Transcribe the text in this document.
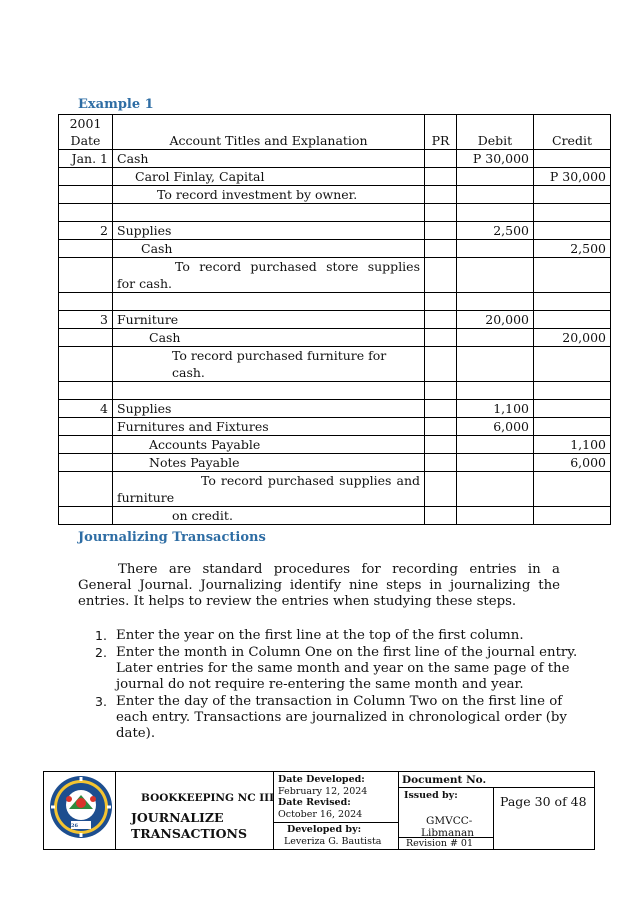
Example 1
2001
Date	Account Titles and Explanation	PR	Debit	Credit
Jan. 1	Cash		P 30,000	
	Carol Finlay, Capital			P 30,000
	To record investment by owner.			

2	Supplies		2,500	
	Cash			2,500
	To record purchased store supplies for cash.			

3	Furniture		20,000	
	Cash			20,000
	To record purchased furniture for cash.			

4	Supplies		1,100	
	Furnitures and Fixtures		6,000	
	Accounts Payable			1,100
	Notes Payable			6,000
	To record purchased supplies and furniture			
	on credit.			
Journalizing Transactions
There are standard procedures for recording entries in a General Journal. Journalizing identify nine steps in journalizing the entries. It helps to review the entries when studying these steps.
1. Enter the year on the first line at the top of the first column.
2. Enter the month in Column One on the first line of the journal entry. Later entries for the same month and year on the same page of the journal do not require re-entering the same month and year.
3. Enter the day of the transaction in Column Two on the first line of each entry. Transactions are journalized in chronological order (by date).
26
BOOKKEEPING NC III
JOURNALIZE
TRANSACTIONS
Date Developed:
February 12, 2024
Date Revised:
October 16, 2024
Developed by:
Leveriza G. Bautista
Document No.
Issued by:
GMVCC-
Libmanan
Revision # 01
Page 30 of 48
